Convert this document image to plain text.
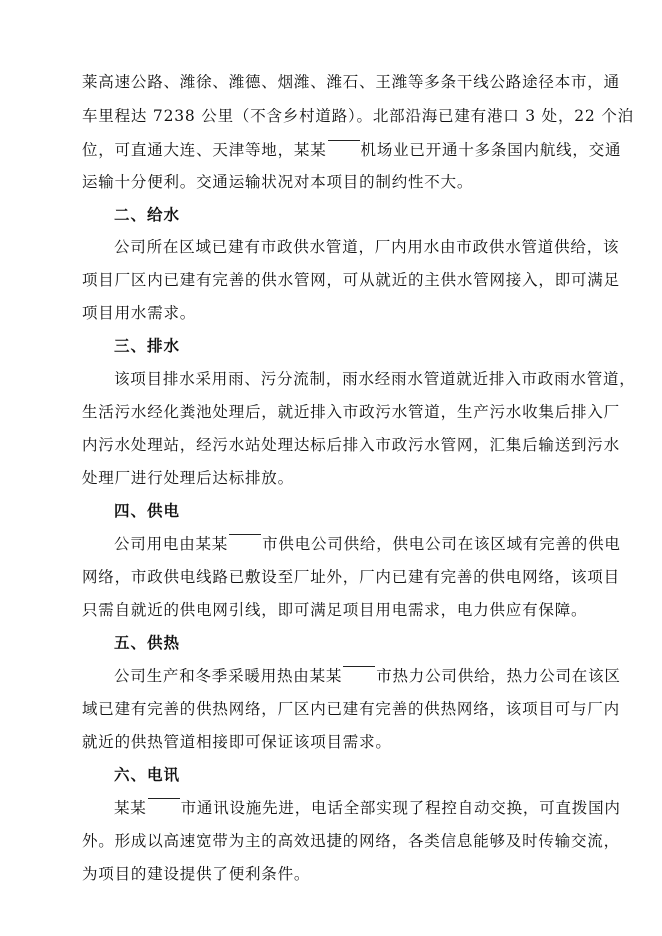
莱高速公路、潍徐、潍德、烟潍、潍石、王潍等多条干线公路途径本市，通
车里程达 7238 公里（不含乡村道路）。北部沿海已建有港口 3 处，22 个泊
位，可直通大连、天津等地，某某 机场业已开通十多条国内航线，交通
运输十分便利。交通运输状况对本项目的制约性不大。
二、给水
公司所在区域已建有市政供水管道，厂内用水由市政供水管道供给，该
项目厂区内已建有完善的供水管网，可从就近的主供水管网接入，即可满足
项目用水需求。
三、排水
该项目排水采用雨、污分流制，雨水经雨水管道就近排入市政雨水管道，
生活污水经化粪池处理后，就近排入市政污水管道，生产污水收集后排入厂
内污水处理站，经污水站处理达标后排入市政污水管网，汇集后输送到污水
处理厂进行处理后达标排放。
四、供电
公司用电由某某 市供电公司供给，供电公司在该区域有完善的供电
网络，市政供电线路已敷设至厂址外，厂内已建有完善的供电网络，该项目
只需自就近的供电网引线，即可满足项目用电需求，电力供应有保障。
五、供热
公司生产和冬季采暖用热由某某 市热力公司供给，热力公司在该区
域已建有完善的供热网络，厂区内已建有完善的供热网络，该项目可与厂内
就近的供热管道相接即可保证该项目需求。
六、电讯
某某 市通讯设施先进，电话全部实现了程控自动交换，可直拨国内
外。形成以高速宽带为主的高效迅捷的网络，各类信息能够及时传输交流，
为项目的建设提供了便利条件。
